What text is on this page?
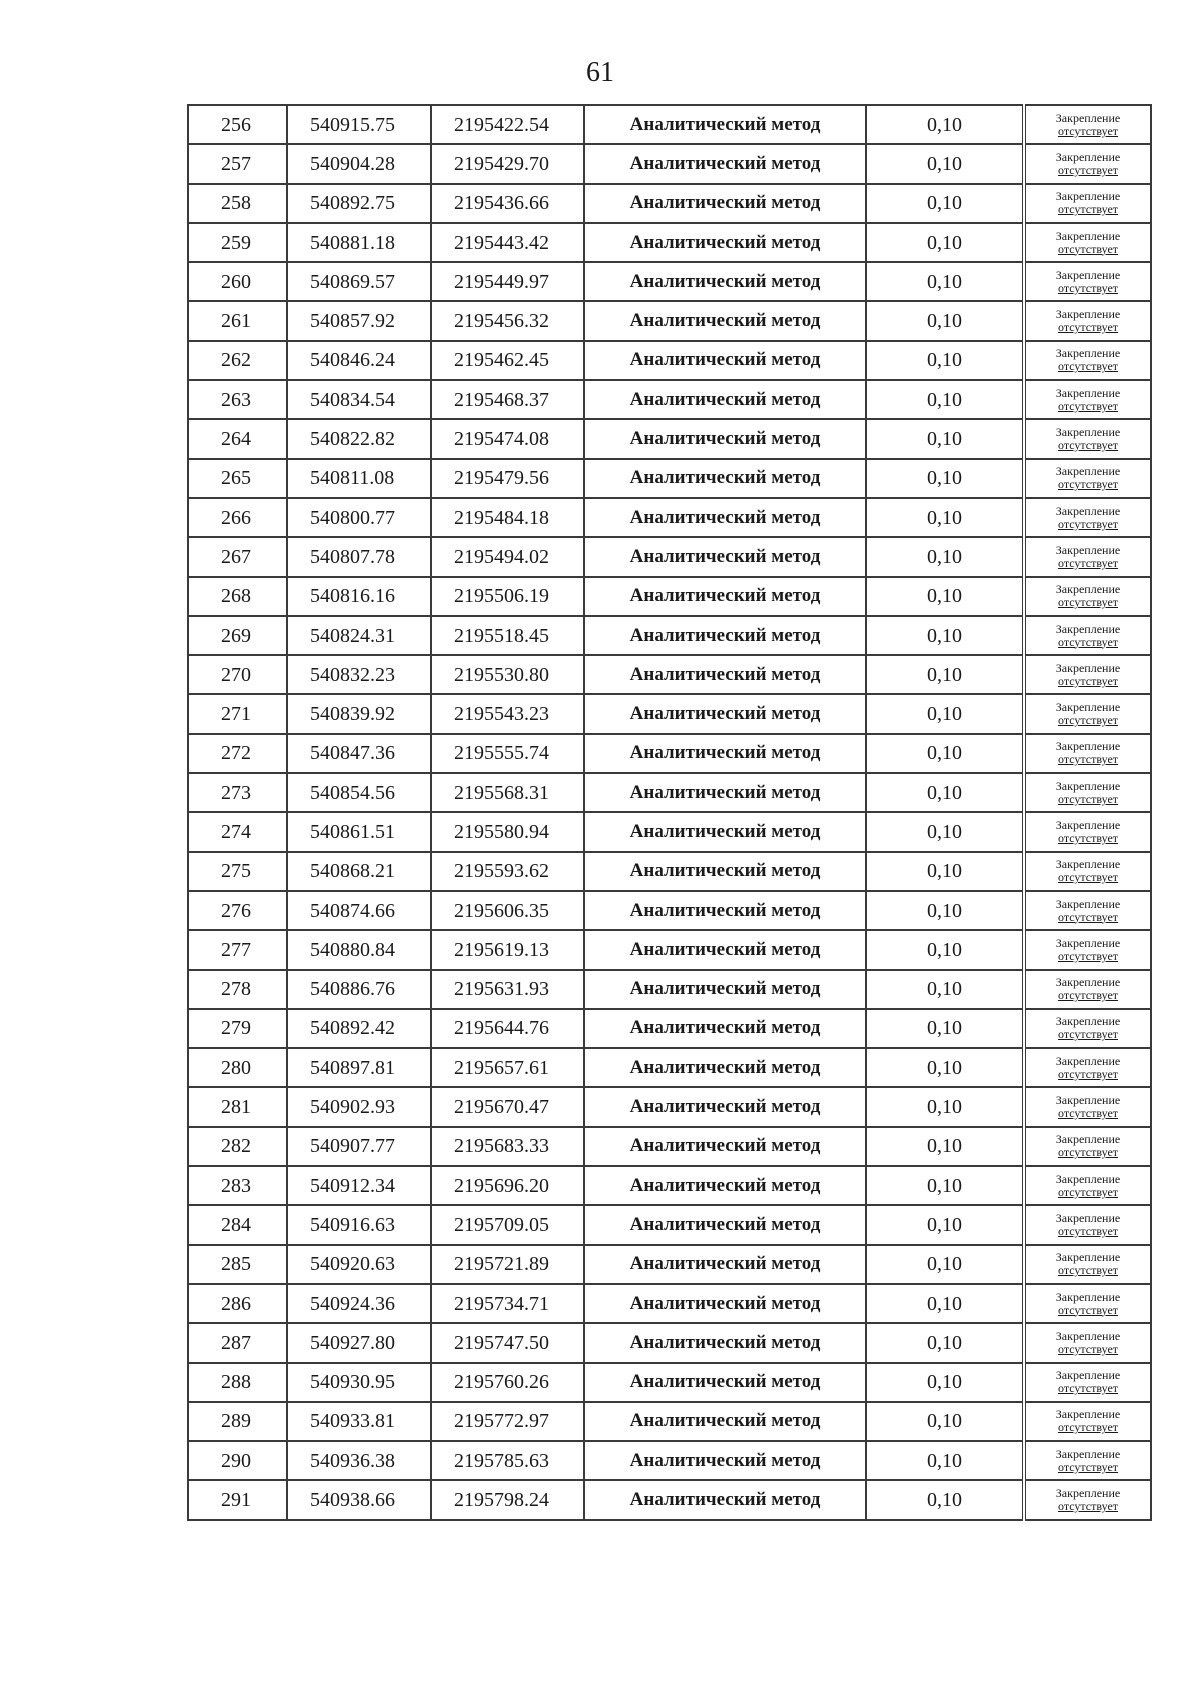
61
256	540915.75	2195422.54	Аналитический метод	0,10	Закрепление
отсутствует

257	540904.28	2195429.70	Аналитический метод	0,10	Закрепление
отсутствует

258	540892.75	2195436.66	Аналитический метод	0,10	Закрепление
отсутствует

259	540881.18	2195443.42	Аналитический метод	0,10	Закрепление
отсутствует

260	540869.57	2195449.97	Аналитический метод	0,10	Закрепление
отсутствует

261	540857.92	2195456.32	Аналитический метод	0,10	Закрепление
отсутствует

262	540846.24	2195462.45	Аналитический метод	0,10	Закрепление
отсутствует

263	540834.54	2195468.37	Аналитический метод	0,10	Закрепление
отсутствует

264	540822.82	2195474.08	Аналитический метод	0,10	Закрепление
отсутствует

265	540811.08	2195479.56	Аналитический метод	0,10	Закрепление
отсутствует

266	540800.77	2195484.18	Аналитический метод	0,10	Закрепление
отсутствует

267	540807.78	2195494.02	Аналитический метод	0,10	Закрепление
отсутствует

268	540816.16	2195506.19	Аналитический метод	0,10	Закрепление
отсутствует

269	540824.31	2195518.45	Аналитический метод	0,10	Закрепление
отсутствует

270	540832.23	2195530.80	Аналитический метод	0,10	Закрепление
отсутствует

271	540839.92	2195543.23	Аналитический метод	0,10	Закрепление
отсутствует

272	540847.36	2195555.74	Аналитический метод	0,10	Закрепление
отсутствует

273	540854.56	2195568.31	Аналитический метод	0,10	Закрепление
отсутствует

274	540861.51	2195580.94	Аналитический метод	0,10	Закрепление
отсутствует

275	540868.21	2195593.62	Аналитический метод	0,10	Закрепление
отсутствует

276	540874.66	2195606.35	Аналитический метод	0,10	Закрепление
отсутствует

277	540880.84	2195619.13	Аналитический метод	0,10	Закрепление
отсутствует

278	540886.76	2195631.93	Аналитический метод	0,10	Закрепление
отсутствует

279	540892.42	2195644.76	Аналитический метод	0,10	Закрепление
отсутствует

280	540897.81	2195657.61	Аналитический метод	0,10	Закрепление
отсутствует

281	540902.93	2195670.47	Аналитический метод	0,10	Закрепление
отсутствует

282	540907.77	2195683.33	Аналитический метод	0,10	Закрепление
отсутствует

283	540912.34	2195696.20	Аналитический метод	0,10	Закрепление
отсутствует

284	540916.63	2195709.05	Аналитический метод	0,10	Закрепление
отсутствует

285	540920.63	2195721.89	Аналитический метод	0,10	Закрепление
отсутствует

286	540924.36	2195734.71	Аналитический метод	0,10	Закрепление
отсутствует

287	540927.80	2195747.50	Аналитический метод	0,10	Закрепление
отсутствует

288	540930.95	2195760.26	Аналитический метод	0,10	Закрепление
отсутствует

289	540933.81	2195772.97	Аналитический метод	0,10	Закрепление
отсутствует

290	540936.38	2195785.63	Аналитический метод	0,10	Закрепление
отсутствует

291	540938.66	2195798.24	Аналитический метод	0,10	Закрепление
отсутствует
